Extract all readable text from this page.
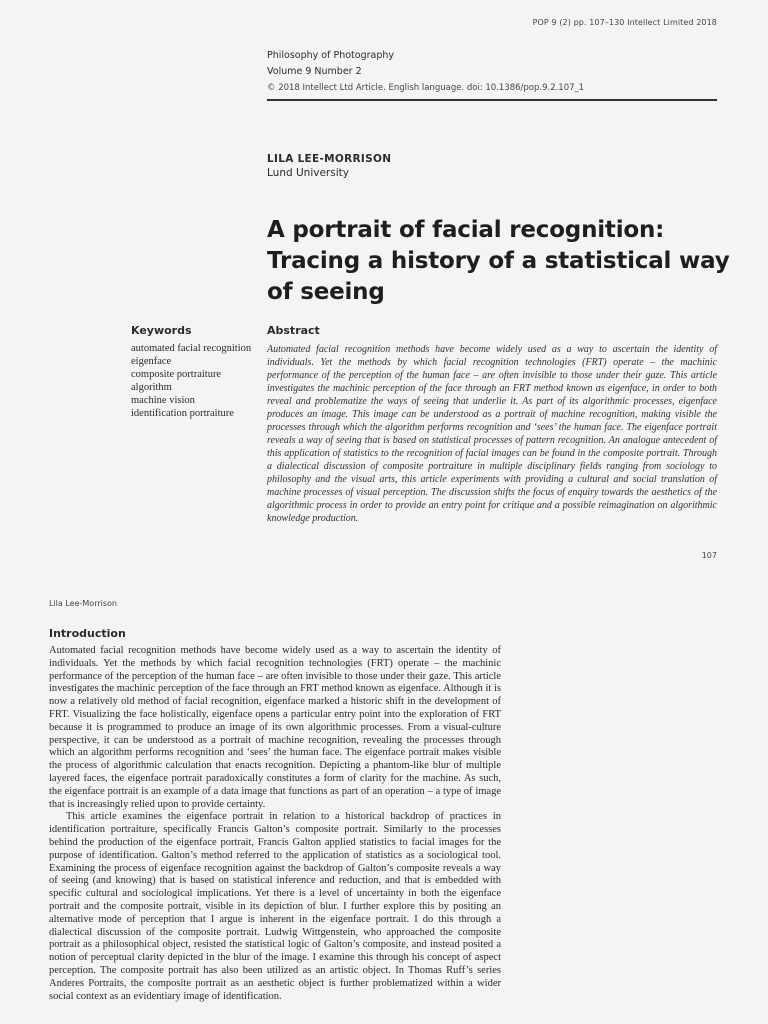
POP 9 (2) pp. 107–130 Intellect Limited 2018
Philosophy of Photography
Volume 9 Number 2
© 2018 Intellect Ltd Article. English language. doi: 10.1386/pop.9.2.107_1
LILA LEE-MORRISON
Lund University
A portrait of facial recognition: Tracing a history of a statistical way of seeing
Keywords
automated facial recognition
eigenface
composite portraiture
algorithm
machine vision
identification portraiture
Abstract

Automated facial recognition methods have become widely used as a way to ascertain the identity of individuals. Yet the methods by which facial recognition technologies (FRT) operate – the machinic performance of the perception of the human face – are often invisible to those under their gaze. This article investigates the machinic perception of the face through an FRT method known as eigenface, in order to both reveal and problematize the ways of seeing that underlie it. As part of its algorithmic processes, eigenface produces an image. This image can be understood as a portrait of machine recognition, making visible the processes through which the algorithm performs recognition and ‘sees’ the human face. The eigenface portrait reveals a way of seeing that is based on statistical processes of pattern recognition. An analogue antecedent of this application of statistics to the recognition of facial images can be found in the composite portrait. Through a dialectical discussion of composite portraiture in multiple disciplinary fields ranging from sociology to philosophy and the visual arts, this article experiments with providing a cultural and social translation of machine processes of visual perception. The discussion shifts the focus of enquiry towards the aesthetics of the algorithmic process in order to provide an entry point for critique and a possible reimagination on algorithmic knowledge production.

107
Lila Lee-Morrison
Introduction

Automated facial recognition methods have become widely used as a way to ascertain the identity of individuals. Yet the methods by which facial recognition technologies (FRT) operate – the machinic performance of the perception of the human face – are often invisible to those under their gaze. This article investigates the machinic perception of the face through an FRT method known as eigenface. Although it is now a relatively old method of facial recognition, eigenface marked a historic shift in the development of FRT. Visualizing the face holistically, eigenface opens a particular entry point into the exploration of FRT because it is programmed to produce an image of its own algorithmic processes. From a visual-culture perspective, it can be understood as a portrait of machine recognition, revealing the processes through which an algorithm performs recognition and ‘sees’ the human face. The eigenface portrait makes visible the process of algorithmic calculation that enacts recognition. Depicting a phantom-like blur of multiple layered faces, the eigenface portrait paradoxically constitutes a form of clarity for the machine. As such, the eigenface portrait is an example of a data image that functions as part of an operation – a type of image that is increasingly relied upon to provide certainty.

This article examines the eigenface portrait in relation to a historical backdrop of practices in identification portraiture, specifically Francis Galton’s composite portrait. Similarly to the processes behind the production of the eigenface portrait, Francis Galton applied statistics to facial images for the purpose of identification. Galton’s method referred to the application of statistics as a sociological tool. Examining the process of eigenface recognition against the backdrop of Galton’s composite reveals a way of seeing (and knowing) that is based on statistical inference and reduction, and that is embedded with specific cultural and sociological implications. Yet there is a level of uncertainty in both the eigenface portrait and the composite portrait, visible in its depiction of blur. I further explore this by positing an alternative mode of perception that I argue is inherent in the eigenface portrait. I do this through a dialectical discussion of the composite portrait. Ludwig Wittgenstein, who approached the composite portrait as a philosophical object, resisted the statistical logic of Galton’s composite, and instead posited a notion of perceptual clarity depicted in the blur of the image. I examine this through his concept of aspect perception. The composite portrait has also been utilized as an artistic object. In Thomas Ruff’s series Anderes Portraits, the composite portrait as an aesthetic object is further problematized within a wider social context as an evidentiary image of identification.
